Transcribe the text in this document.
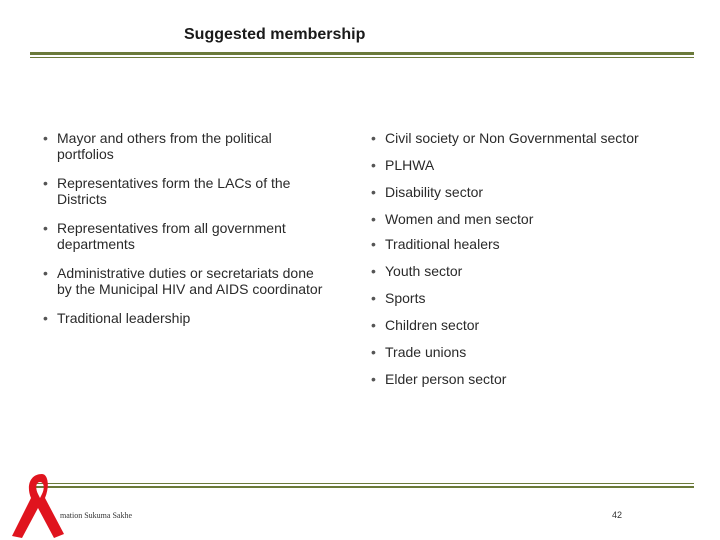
Suggested membership
• Mayor and others from the political portfolios
• Representatives form the LACs of the Districts
• Representatives from all government departments
• Administrative duties or secretariats done by the Municipal HIV and AIDS coordinator
• Traditional leadership
• Civil society or Non Governmental sector
• PLHWA
• Disability sector
• Women and men sector
• Traditional healers
• Youth sector
• Sports
• Children sector
• Trade unions
• Elder person sector
mation Sukuma Sakhe	42
